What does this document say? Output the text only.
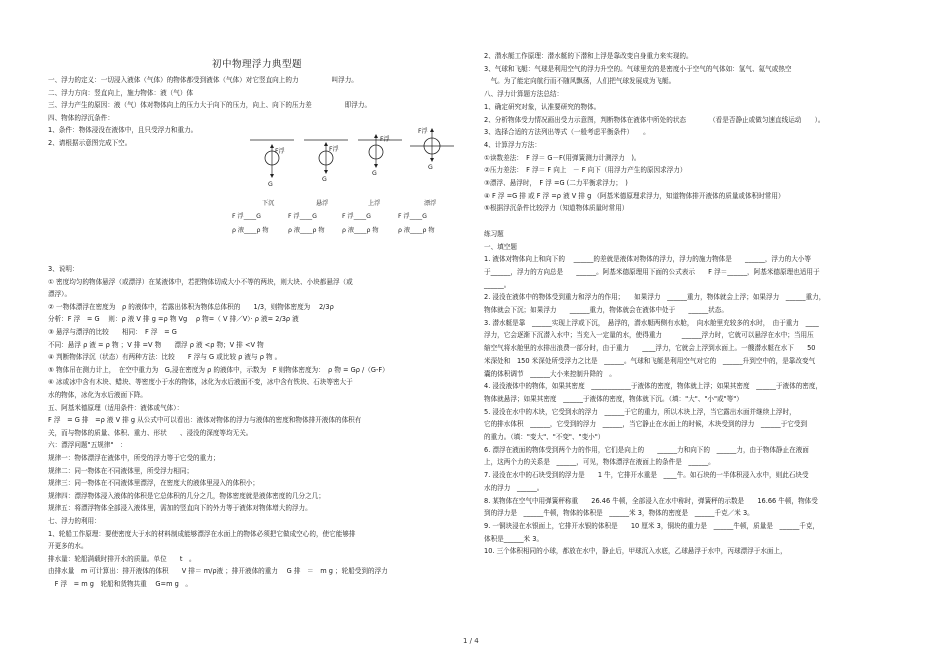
初中物理浮力典型题
一、浮力的定义：一切浸入液体（气体）的物体都受到液体（气体）对它竖直向上的力　　　　　叫浮力。
二、浮力方向：竖直向上，施力物体：液（气）体
三、浮力产生的原因：液（气）体对物体向上的压力大于向下的压力，向上、向下的压力差　　　　　即浮力。
四、物体的浮沉条件：
1、条件：物体浸没在液体中，且只受浮力和重力。
2、请根据示意图完成下空。
3、说明：
① 密度均匀的物体悬浮（或漂浮）在某液体中，若把物体切成大小不等的两块，则大块、小块都悬浮（或
漂浮）。
② 一物体漂浮在密度为　ρ 的液体中，若露出体积为物体总体积的　　1/3，则物体密度为　 2/3ρ
分析：F 浮　= G　 则：ρ 液 V 排 g =ρ 物 Vg　 ρ 物=（ V 排／V）· ρ 液= 2/3ρ 液
③ 悬浮与漂浮的比较　　相同：　F 浮　= G
不同：悬浮 ρ 液 = ρ 物 ；V 排 =V 物　　漂浮 ρ 液 <ρ 物；V 排 <V 物
④ 判断物体浮沉（状态）有两种方法：比较　　F 浮与 G 或比较 ρ 液与 ρ 物 。
⑤ 物体吊在测力计上，　在空中重力为　G,浸在密度为 ρ 的液体中，示数为　F 则物体密度为：　ρ 物 = Gρ /（G-F）
⑥ 冰或冰中含有木块、蜡块、等密度小于水的物体，冰化为水后液面不变，冰中含有铁块、石块等密大于
水的物体，冰化为水后液面下降。
五、阿基米德原理（适用条件：液体或气体）：
F 浮　= G 排　=ρ 液 V 排 g 从公式中可以看出：液体对物体的浮力与液体的密度和物体排开液体的体积有
关，而与物体的质量、体积、重力、形状　　、浸没的深度等均无关。
六：漂浮问题"五规律"　：
规律一：物体漂浮在液体中，所受的浮力等于它受的重力；
规律二：同一物体在不同液体里，所受浮力相同；
规律三：同一物体在不同液体里漂浮，在密度大的液体里浸入的体积小；
规律四：漂浮物体浸入液体的体积是它总体积的几分之几，物体密度就是液体密度的几分之几；
规律五：将漂浮物体全部浸入液体里，需加的竖直向下的外力等于液体对物体增大的浮力。
七、浮力的利用：
1、轮船工作原理：要使密度大于水的材料制成能够漂浮在水面上的物体必须把它做成空心的，使它能够排
开更多的水。
排水量：轮船满载时排开水的质量。单位　　t　。
由排水量　m 可计算出：排开液体的体积　　V 排＝ m/ρ液 ；排开液体的重力　 G 排　＝　m g ；轮船受到的浮力
　F 浮　= m g　轮船和货物共重　 G=m g　。
2、潜水艇工作原理：潜水艇的下潜和上浮是靠改变自身重力来实现的。
3、气球和飞艇：气球是利用空气的浮力升空的。气球里充的是密度小于空气的气体如：氢气、氦气或热空
　气。为了能定向航行而不随风飘荡，人们把气球发展成为飞艇。
八、浮力计算题方法总结：
1、确定研究对象，认准要研究的物体。
2、分析物体受力情况画出受力示意图，判断物体在液体中所处的状态　　　　（看是否静止或做匀速直线运动　　）。
3、选择合适的方法列出等式（一般考虑平衡条件）　　。
4、计算浮力方法：
①读数差法：　F 浮＝ G－F(用弹簧测力计测浮力　)。
②压力差法：　F 浮＝ F 向上　－ F 向下（用浮力产生的原因求浮力）
③漂浮、悬浮时，　F 浮 =G (二力平衡求浮力；　)
④ F 浮 =G 排 或 F 浮 =ρ 液 V 排 g （阿基米德原理求浮力，知道物体排开液体的质量或体积时常用）
⑤根据浮沉条件比较浮力（知道物体质量时常用）
练习题
一、填空题
1. 液体对物体向上和向下的　 ______的差就是液体对物体的浮力，浮力的施力物体是　　______，浮力的大小等
于______，浮力的方向总是　　______。阿基米德原理用下面的公式表示　　F 浮＝______，阿基米德原理也适用于
______。
2. 浸没在液体中的物体受到重力和浮力的作用；　　如果浮力　______重力，物体就会上浮；如果浮力　______重力，
物体就会下沉；如果浮力　　______重力，物体就会在液体中处于　　______状态。
3. 潜水艇是靠　______实现上浮或下沉，　悬浮的，潜水艇两侧有水舱，　向水舱里充较多的水时，　由于重力　____
浮力，它会逐渐下沉潜入水中；当充入一定量的水，使得重力　　　______浮力时，它就可以悬浮在水中；当用压
缩空气将水舱里的水排出浪费一部分时，由于重力　　____浮力，它就会上浮到水面上。一艘潜水艇在水下　　50
米深处和　150 米深处所受浮力之比是　______。气球和飞艇是利用空气对它的　______升到空中的，是靠改变气
囊的体积调节　______大小来控制升降的　。
4. 浸没液体中的物体，如果其密度　____________于液体的密度，物体就上浮；如果其密度　______于液体的密度，
物体就悬浮；如果其密度　______于液体的密度，物体就下沉。（填："大"、"小"或"等"）
5. 浸没在水中的木块，它受到水的浮力　______于它的重力，所以木块上浮，当它露出水面并继续上浮时，
它的排水体积　______，它受到的浮力　______，当它静止在水面上的时候，木块受到的浮力　______于它受到
的重力。（填："变大"、"不变"、"变小"）
6. 漂浮在液面的物体受到两个力的作用，它们是向上的　　______力和向下的　______力，由于物体静止在液面
上，这两个力的关系是　______，可见，物体漂浮在液面上的条件是　______。
7. 浸没在水中的石块受到的浮力是　　1 牛，它排开水重是　____牛。如石块的一半体积浸入水中，则此石块受
水的浮力　______。
8. 某物体在空气中用弹簧秤称重　　26.46 牛顿，全部浸入在水中称时，弹簧秤的示数是　　16.66 牛顿，物体受
到的浮力是　______牛顿，物体的体积是　______米 3，物体的密度是　______千克／米 3。
9. 一铜块浸在水银面上，它排开水银的体积是　　10 厘米 3，铜块的重力是　______牛顿，质量是　______千克，
体积是______米 3。
10. 三个体积相同的小球，都放在水中，静止后，甲球沉入水底，乙球悬浮于水中，丙球漂浮于水面上，
F浮
G
F浮
G
F浮
G
F浮
G
下沉	悬浮	上浮	漂浮
F 浮____G	F 浮____G	F 浮____G	F 浮____G
ρ 液____ρ 物	ρ 液____ρ 物	ρ 液____ρ 物	ρ 液____ρ 物
1 / 4
